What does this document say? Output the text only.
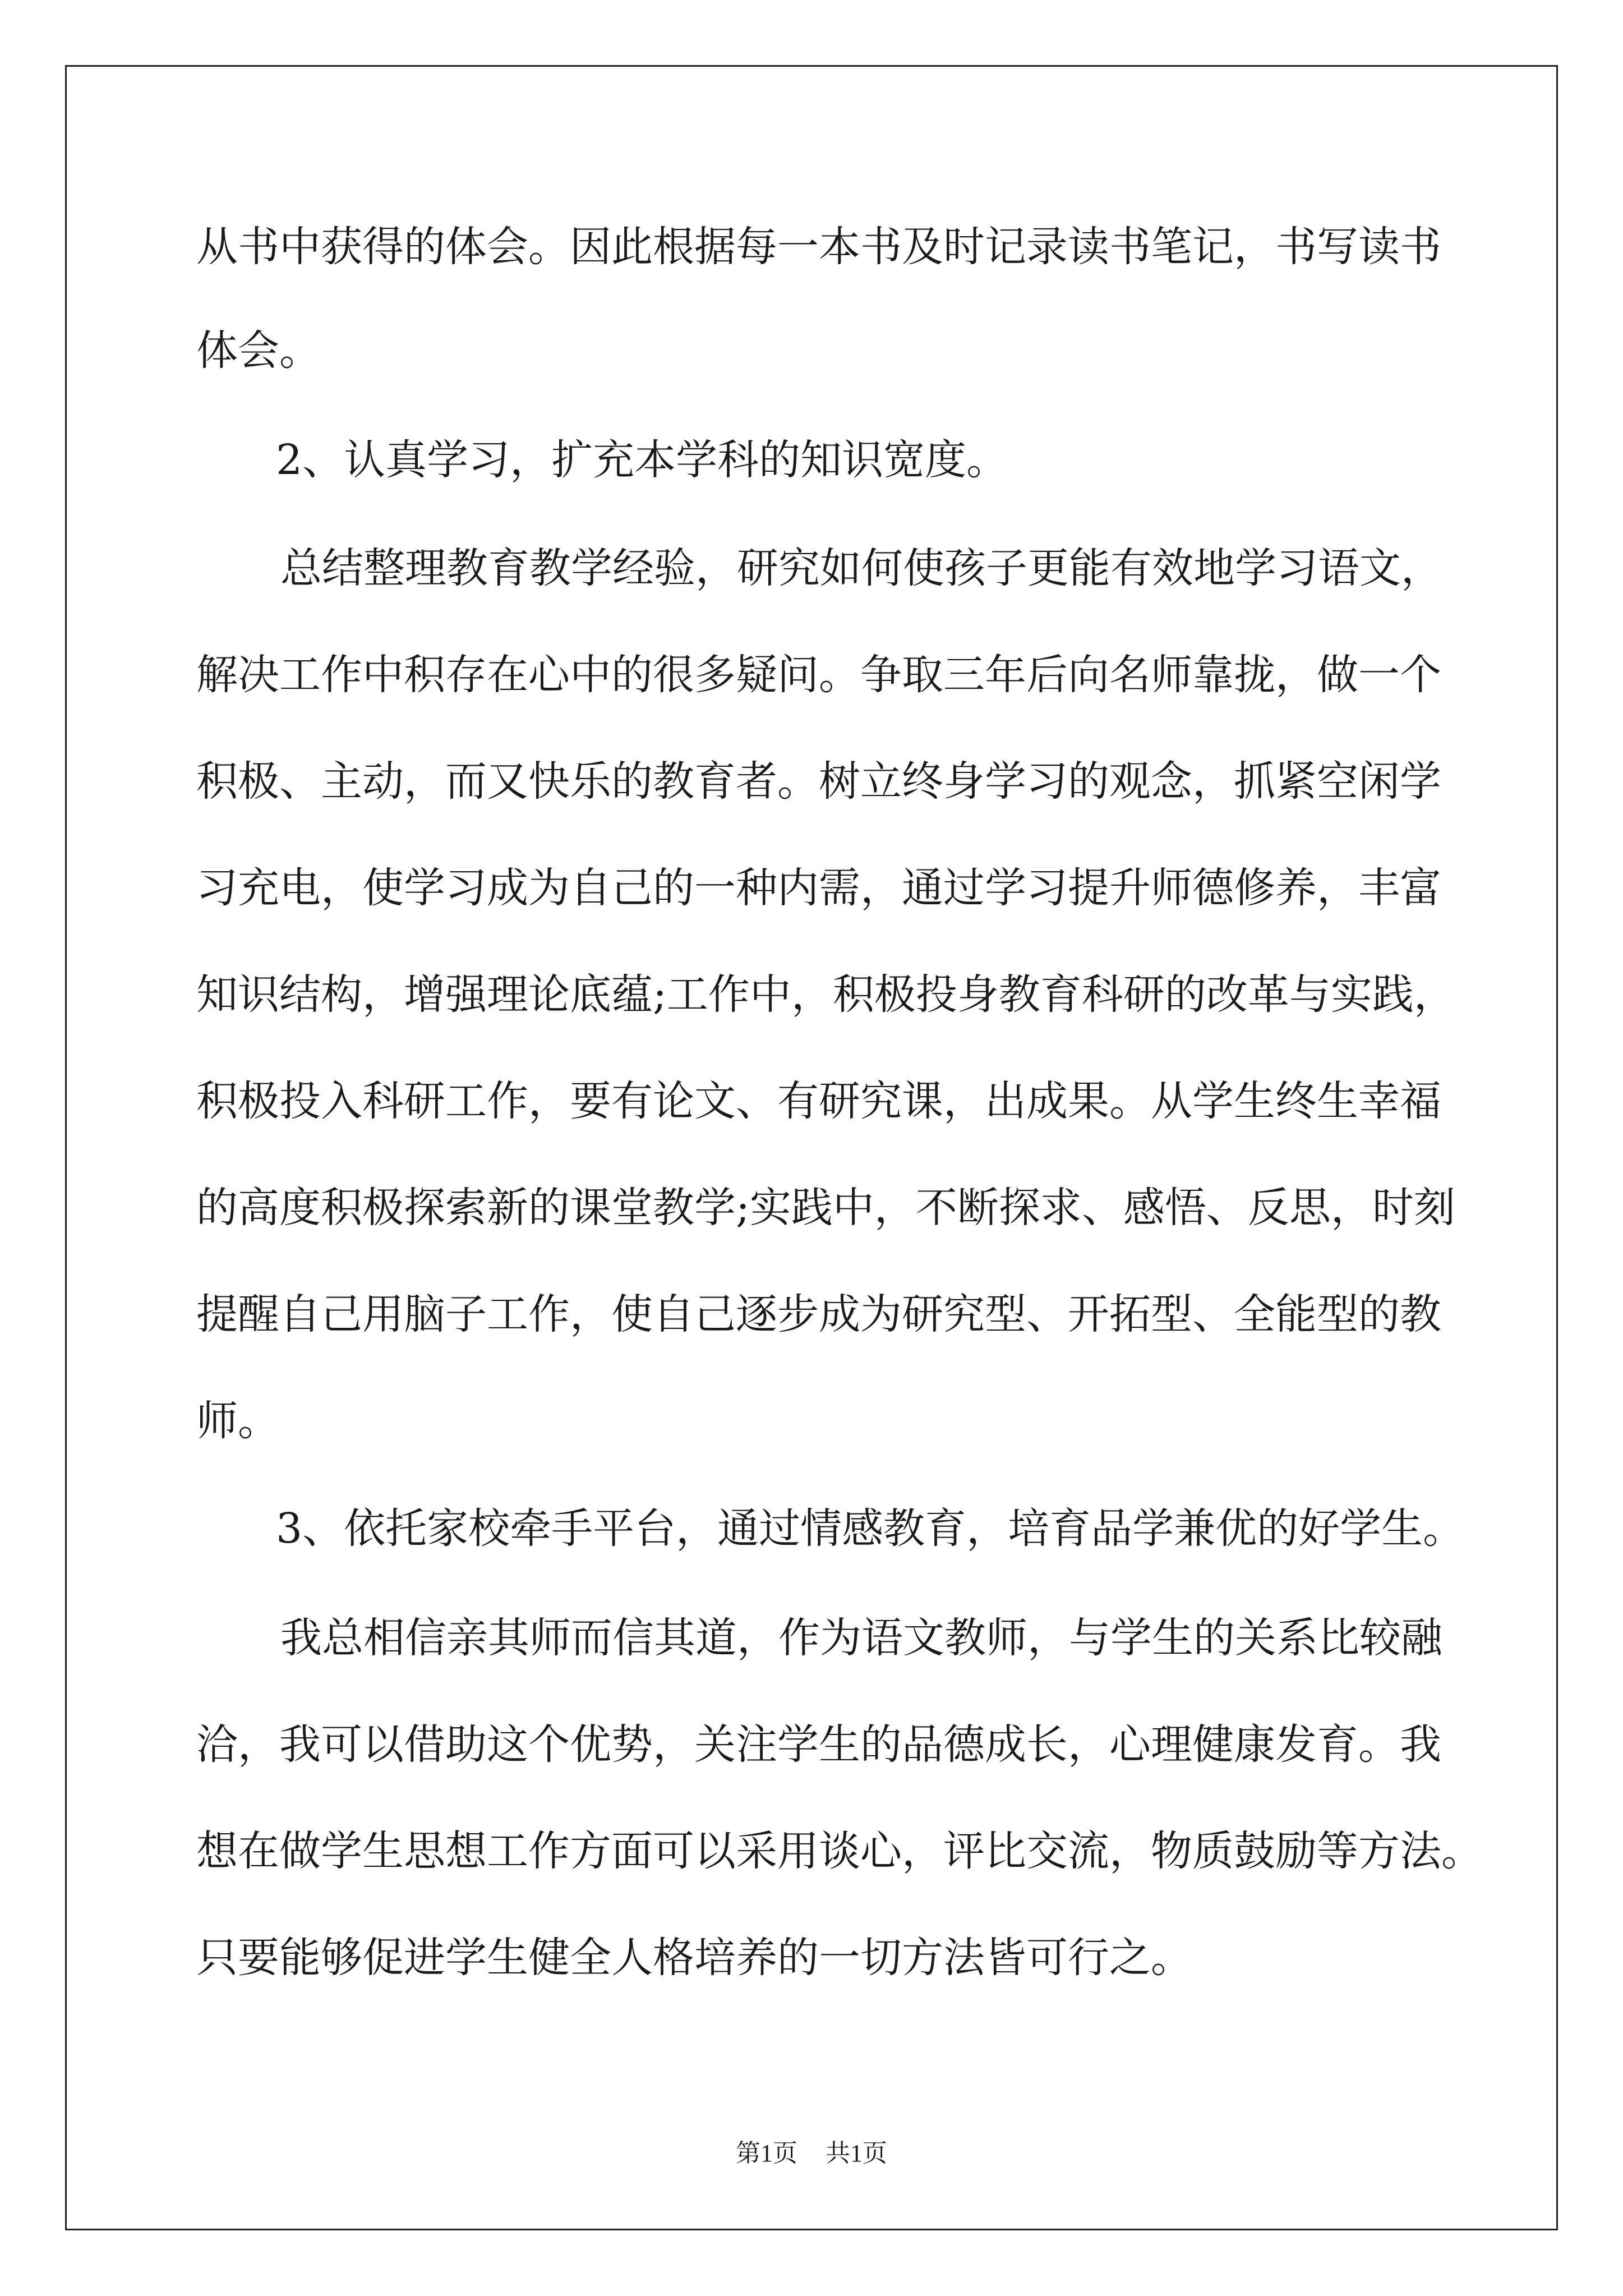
从书中获得的体会。因此根据每一本书及时记录读书笔记，书写读书
体会。
2、认真学习，扩充本学科的知识宽度。
总结整理教育教学经验，研究如何使孩子更能有效地学习语文，
解决工作中积存在心中的很多疑问。争取三年后向名师靠拢，做一个
积极、主动，而又快乐的教育者。树立终身学习的观念，抓紧空闲学
习充电，使学习成为自己的一种内需，通过学习提升师德修养，丰富
知识结构，增强理论底蕴;工作中，积极投身教育科研的改革与实践，
积极投入科研工作，要有论文、有研究课，出成果。从学生终生幸福
的高度积极探索新的课堂教学;实践中，不断探求、感悟、反思，时刻
提醒自己用脑子工作，使自己逐步成为研究型、开拓型、全能型的教
师。
3、依托家校牵手平台，通过情感教育，培育品学兼优的好学生。
我总相信亲其师而信其道，作为语文教师，与学生的关系比较融
洽，我可以借助这个优势，关注学生的品德成长，心理健康发育。我
想在做学生思想工作方面可以采用谈心，评比交流，物质鼓励等方法。
只要能够促进学生健全人格培养的一切方法皆可行之。
第1页 共1页
